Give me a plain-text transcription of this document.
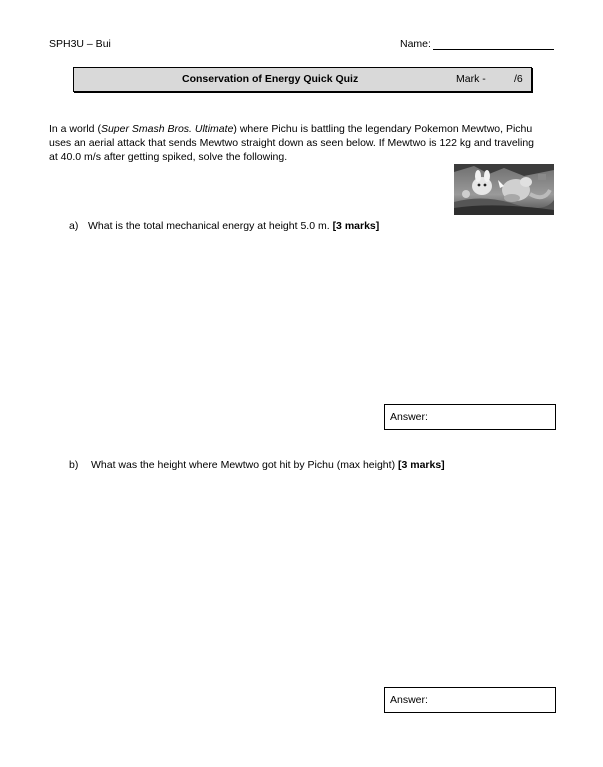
SPH3U – Bui	Name:
Conservation of Energy Quick Quiz	Mark -	/6
In a world (Super Smash Bros. Ultimate) where Pichu is battling the legendary Pokemon Mewtwo, Pichu
uses an aerial attack that sends Mewtwo straight down as seen below. If Mewtwo is 122 kg and traveling
at 40.0 m/s after getting spiked, solve the following.
a) What is the total mechanical energy at height 5.0 m. [3 marks]
Answer:
b) What was the height where Mewtwo got hit by Pichu (max height) [3 marks]
Answer:
